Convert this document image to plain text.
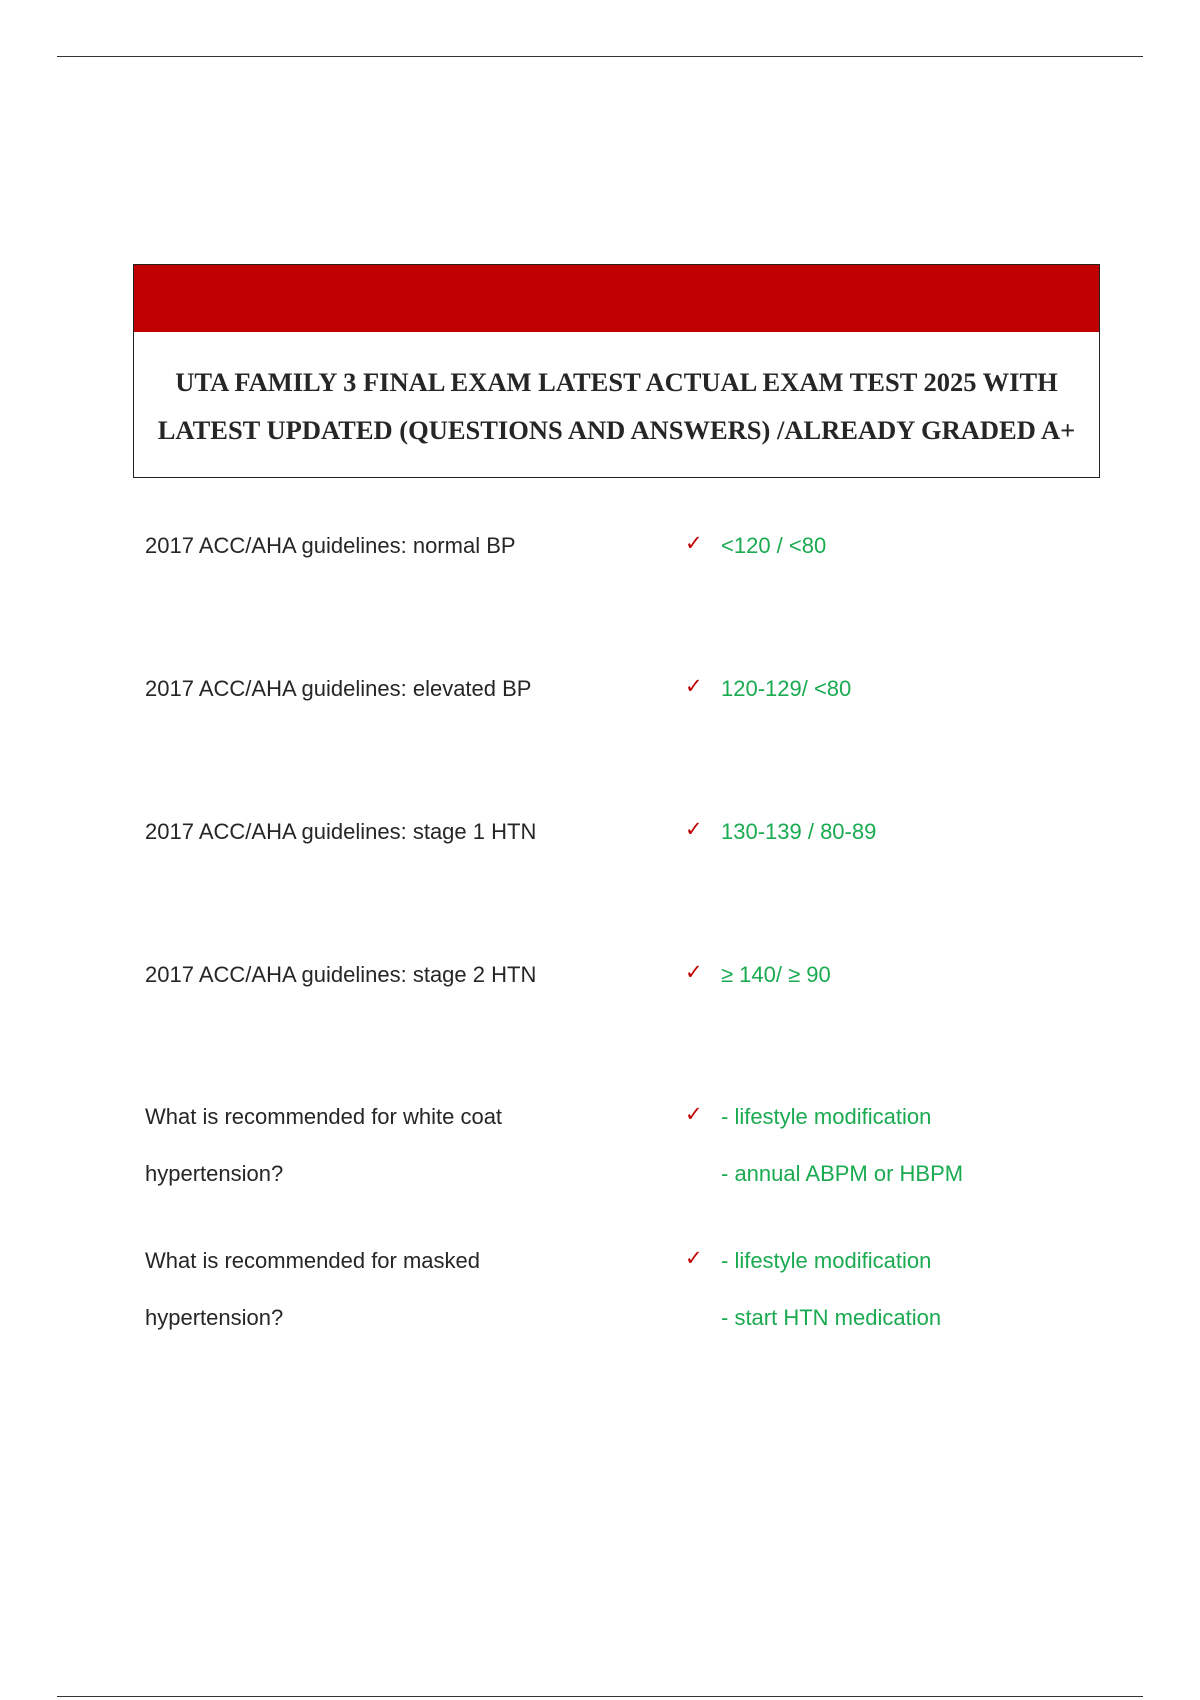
UTA FAMILY 3 FINAL EXAM LATEST ACTUAL EXAM TEST 2025 WITH LATEST UPDATED (QUESTIONS AND ANSWERS) /ALREADY GRADED A+
2017 ACC/AHA guidelines: normal BP	✓ <120 / <80
2017 ACC/AHA guidelines: elevated BP	✓ 120-129/ <80
2017 ACC/AHA guidelines: stage 1 HTN	✓ 130-139 / 80-89
2017 ACC/AHA guidelines: stage 2 HTN	✓ ≥ 140/ ≥ 90
What is recommended for white coat
hypertension?
✓ - lifestyle modification
- annual ABPM or HBPM
What is recommended for masked
hypertension?
✓ - lifestyle modification
- start HTN medication
